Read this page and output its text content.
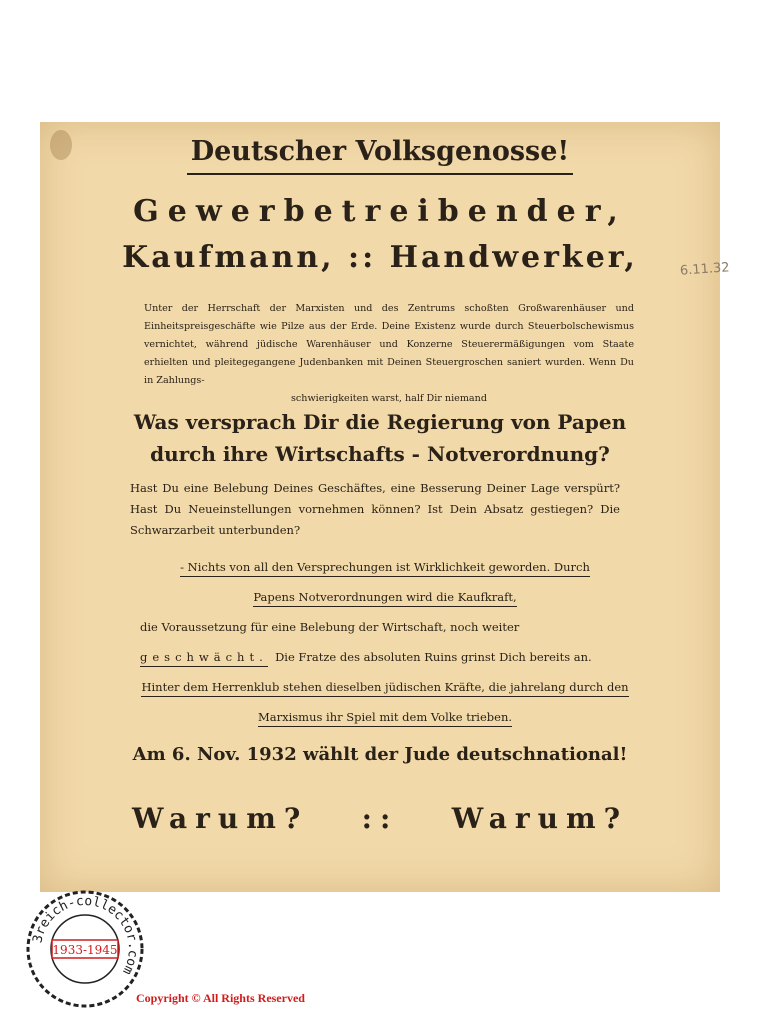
6.11.32
Deutscher Volksgenosse!
Gewerbetreibender,
Kaufmann, :: Handwerker,
Unter der Herrschaft der Marxisten und des Zentrums schoßten Großwarenhäuser und Einheitspreisgeschäfte wie Pilze aus der Erde. Deine Existenz wurde durch Steuerbolschewismus vernichtet, während jüdische Warenhäuser und Konzerne Steuerermäßigungen vom Staate erhielten und pleitegegangene Judenbanken mit Deinen Steuergroschen saniert wurden. Wenn Du in Zahlungs-
schwierigkeiten warst, half Dir niemand
Was versprach Dir die Regierung von Papen
durch ihre Wirtschafts - Notverordnung?
Hast Du eine Belebung Deines Geschäftes, eine Besserung Deiner Lage verspürt? Hast Du Neueinstellungen vornehmen können? Ist Dein Absatz gestiegen? Die Schwarzarbeit unterbunden?
- Nichts von all den Versprechungen ist Wirklichkeit geworden. Durch
Papens Notverordnungen wird die Kaufkraft,
die Voraussetzung für eine Belebung der Wirtschaft, noch weiter
geschwächt. Die Fratze des absoluten Ruins grinst Dich bereits an.
Hinter dem Herrenklub stehen dieselben jüdischen Kräfte, die jahrelang durch den
Marxismus ihr Spiel mit dem Volke trieben.
Am 6. Nov. 1932 wählt der Jude deutschnational!
Warum? :: Warum?
3reich-collector.com
1933-1945
Copyright © All Rights Reserved
